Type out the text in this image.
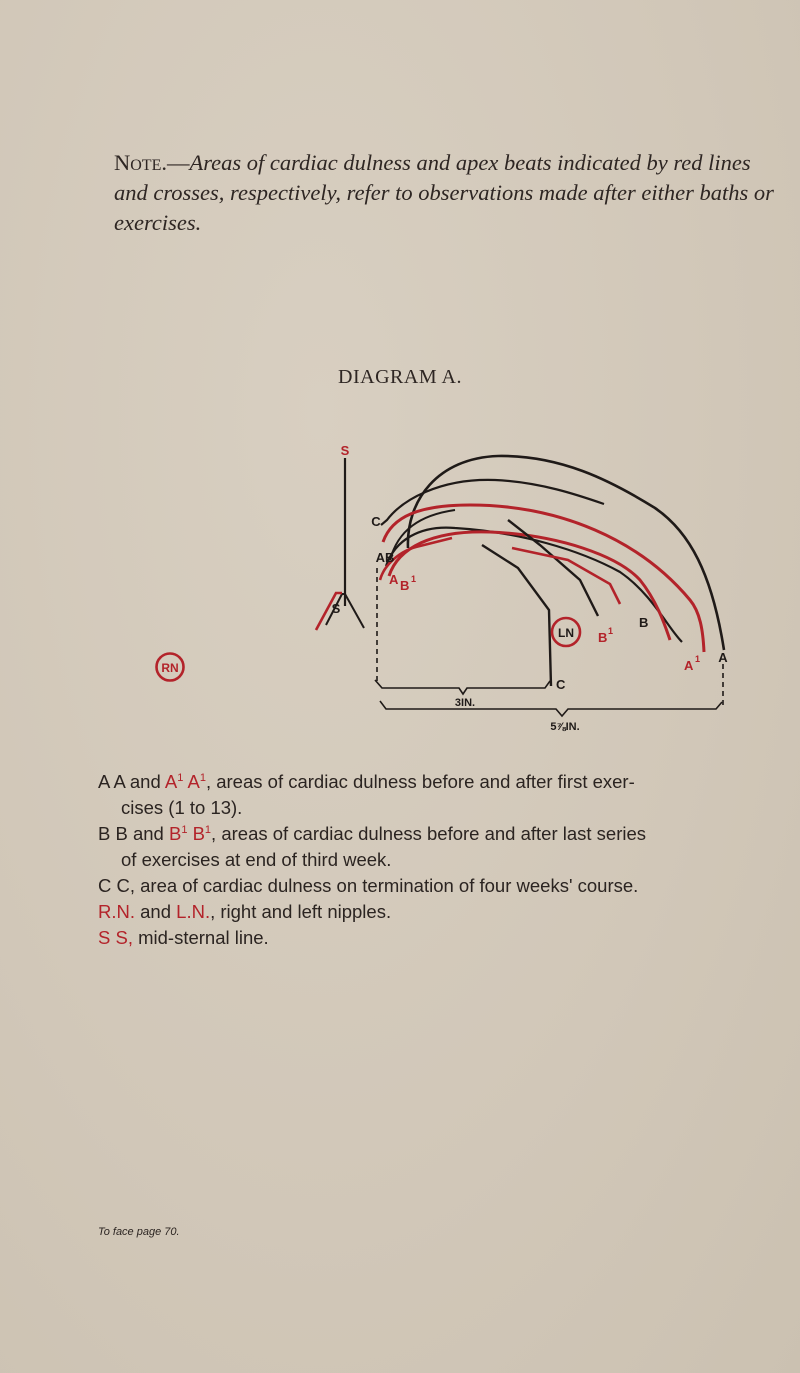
Note.—Areas of cardiac dulness and apex beats indicated by red lines and crosses, respectively, refer to observations made after either baths or exercises.
DIAGRAM A.
RN
LN
S
S
C
AB
A B 1
B 1
B
A 1 A
C
3IN.
5⅞IN.
A A and $A^1$ $A^1$, areas of cardiac dulness before and after first exer-
cises (1 to 13).
B B and $B^1$ $B^1$, areas of cardiac dulness before and after last series
of exercises at end of third week.
C C, area of cardiac dulness on termination of four weeks' course.
R.N. and L.N., right and left nipples.
S S, mid-sternal line.
To face page 70.
